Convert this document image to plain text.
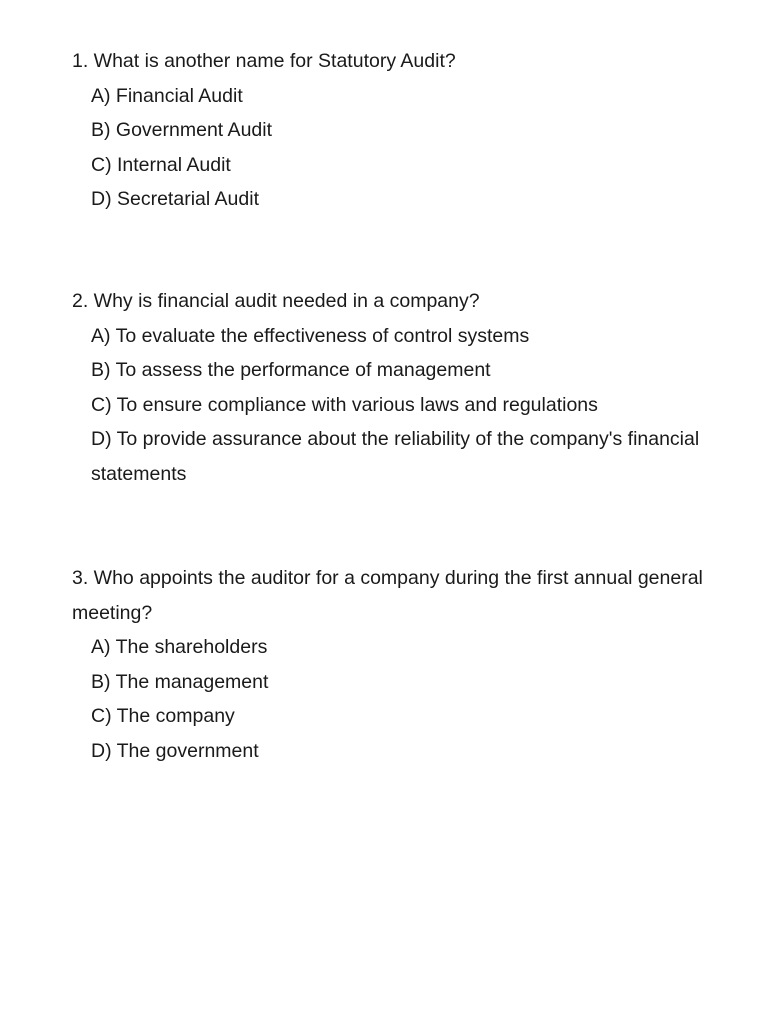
1. What is another name for Statutory Audit?

A) Financial Audit
B) Government Audit
C) Internal Audit
D) Secretarial Audit

2. Why is financial audit needed in a company?

A) To evaluate the effectiveness of control systems
B) To assess the performance of management
C) To ensure compliance with various laws and regulations
D) To provide assurance about the reliability of the company's financial statements

3. Who appoints the auditor for a company during the first annual general meeting?

A) The shareholders
B) The management
C) The company
D) The government
